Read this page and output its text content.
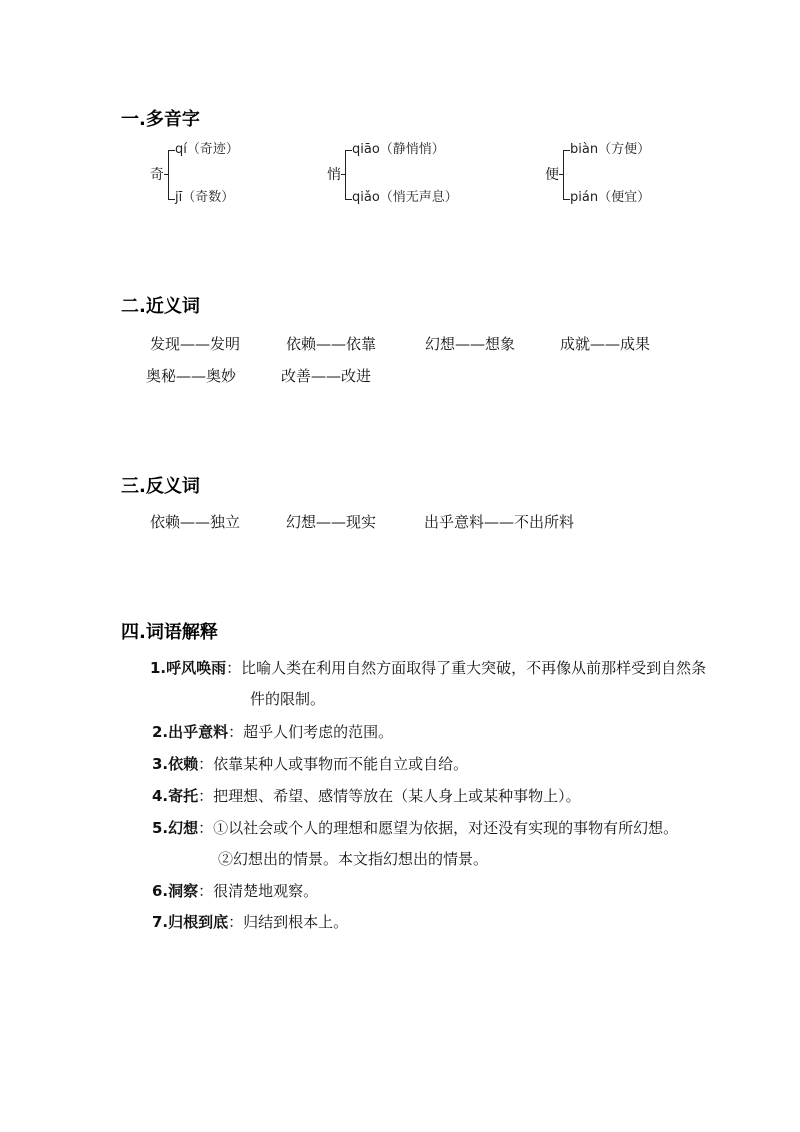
一.多音字
奇
qí（奇迹）
jī（奇数）
悄
qiāo（静悄悄）
qiǎo（悄无声息）
便
biàn（方便）
pián（便宜）
二.近义词
发现——发明	依赖——依靠	幻想——想象	成就——成果
奥秘——奥妙	改善——改进
三.反义词
依赖——独立	幻想——现实	出乎意料——不出所料
四.词语解释
1.呼风唤雨：比喻人类在利用自然方面取得了重大突破，不再像从前那样受到自然条
件的限制。
2.出乎意料：超乎人们考虑的范围。
3.依赖：依靠某种人或事物而不能自立或自给。
4.寄托：把理想、希望、感情等放在（某人身上或某种事物上）。
5.幻想：①以社会或个人的理想和愿望为依据，对还没有实现的事物有所幻想。
②幻想出的情景。本文指幻想出的情景。
6.洞察：很清楚地观察。
7.归根到底：归结到根本上。
